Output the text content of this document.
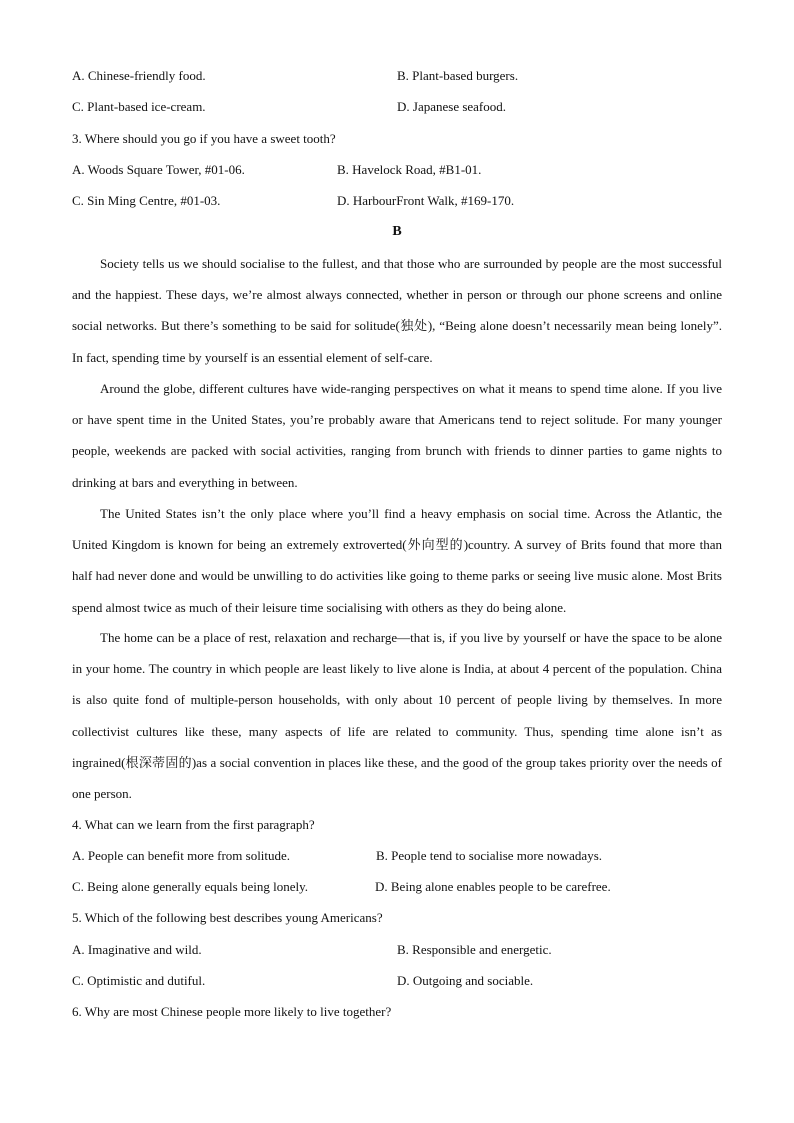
A. Chinese-friendly food.	B. Plant-based burgers.
C. Plant-based ice-cream.	D. Japanese seafood.
3. Where should you go if you have a sweet tooth?
A. Woods Square Tower, #01-06.	B. Havelock Road, #B1-01.
C. Sin Ming Centre, #01-03.	D. HarbourFront Walk, #169-170.
B

Society tells us we should socialise to the fullest, and that those who are surrounded by people are the most successful and the happiest. These days, we’re almost always connected, whether in person or through our phone screens and online social networks. But there’s something to be said for solitude(独处), “Being alone doesn’t necessarily mean being lonely”. In fact, spending time by yourself is an essential element of self-care.

Around the globe, different cultures have wide-ranging perspectives on what it means to spend time alone. If you live or have spent time in the United States, you’re probably aware that Americans tend to reject solitude. For many younger people, weekends are packed with social activities, ranging from brunch with friends to dinner parties to game nights to drinking at bars and everything in between.

The United States isn’t the only place where you’ll find a heavy emphasis on social time. Across the Atlantic, the United Kingdom is known for being an extremely extroverted(外向型的)country. A survey of Brits found that more than half had never done and would be unwilling to do activities like going to theme parks or seeing live music alone. Most Brits spend almost twice as much of their leisure time socialising with others as they do being alone.

The home can be a place of rest, relaxation and recharge—that is, if you live by yourself or have the space to be alone in your home. The country in which people are least likely to live alone is India, at about 4 percent of the population. China is also quite fond of multiple-person households, with only about 10 percent of people living by themselves. In more collectivist cultures like these, many aspects of life are related to community. Thus, spending time alone isn’t as ingrained(根深蒂固的)as a social convention in places like these, and the good of the group takes priority over the needs of one person.

4. What can we learn from the first paragraph?
A. People can benefit more from solitude.	B. People tend to socialise more nowadays.
C. Being alone generally equals being lonely.	D. Being alone enables people to be carefree.
5. Which of the following best describes young Americans?
A. Imaginative and wild.	B. Responsible and energetic.
C. Optimistic and dutiful.	D. Outgoing and sociable.
6. Why are most Chinese people more likely to live together?
